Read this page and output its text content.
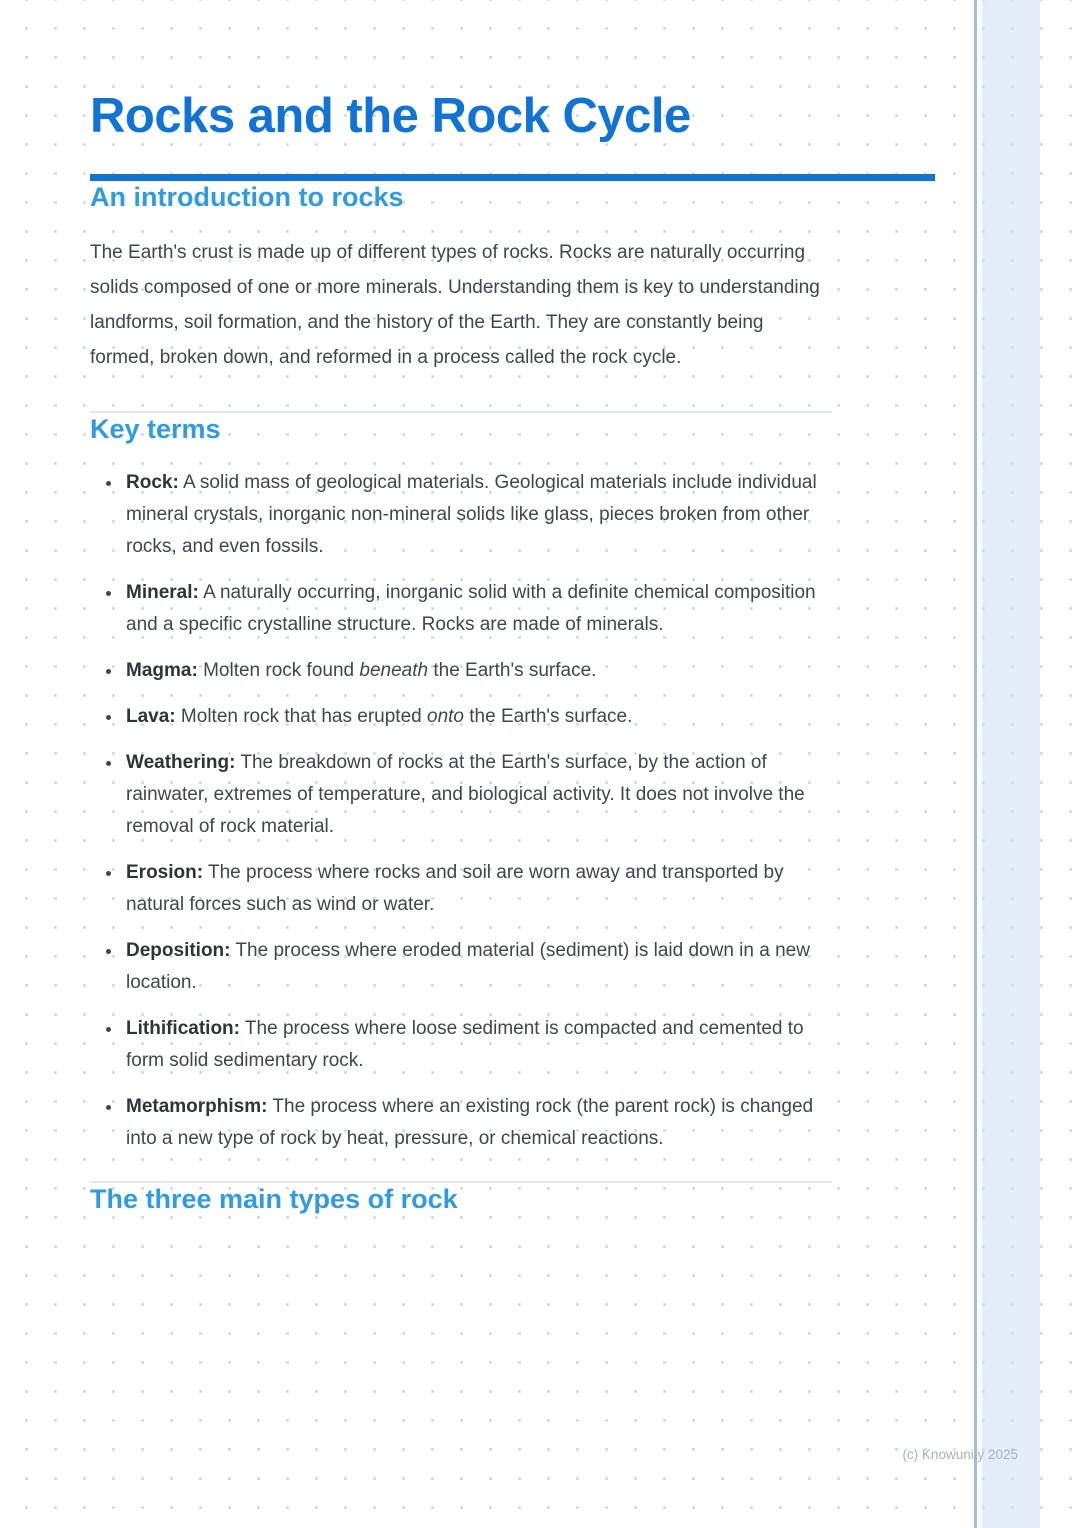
Rocks and the Rock Cycle
An introduction to rocks

The Earth's crust is made up of different types of rocks. Rocks are naturally occurring solids composed of one or more minerals. Understanding them is key to understanding landforms, soil formation, and the history of the Earth. They are constantly being formed, broken down, and reformed in a process called the rock cycle.

Key terms
• Rock: A solid mass of geological materials. Geological materials include individual mineral crystals, inorganic non-mineral solids like glass, pieces broken from other rocks, and even fossils.
• Mineral: A naturally occurring, inorganic solid with a definite chemical composition and a specific crystalline structure. Rocks are made of minerals.
• Magma: Molten rock found beneath the Earth's surface.
• Lava: Molten rock that has erupted onto the Earth's surface.
• Weathering: The breakdown of rocks at the Earth's surface, by the action of rainwater, extremes of temperature, and biological activity. It does not involve the removal of rock material.
• Erosion: The process where rocks and soil are worn away and transported by natural forces such as wind or water.
• Deposition: The process where eroded material (sediment) is laid down in a new location.
• Lithification: The process where loose sediment is compacted and cemented to form solid sedimentary rock.
• Metamorphism: The process where an existing rock (the parent rock) is changed into a new type of rock by heat, pressure, or chemical reactions.
The three main types of rock
(c) Knowunity 2025
